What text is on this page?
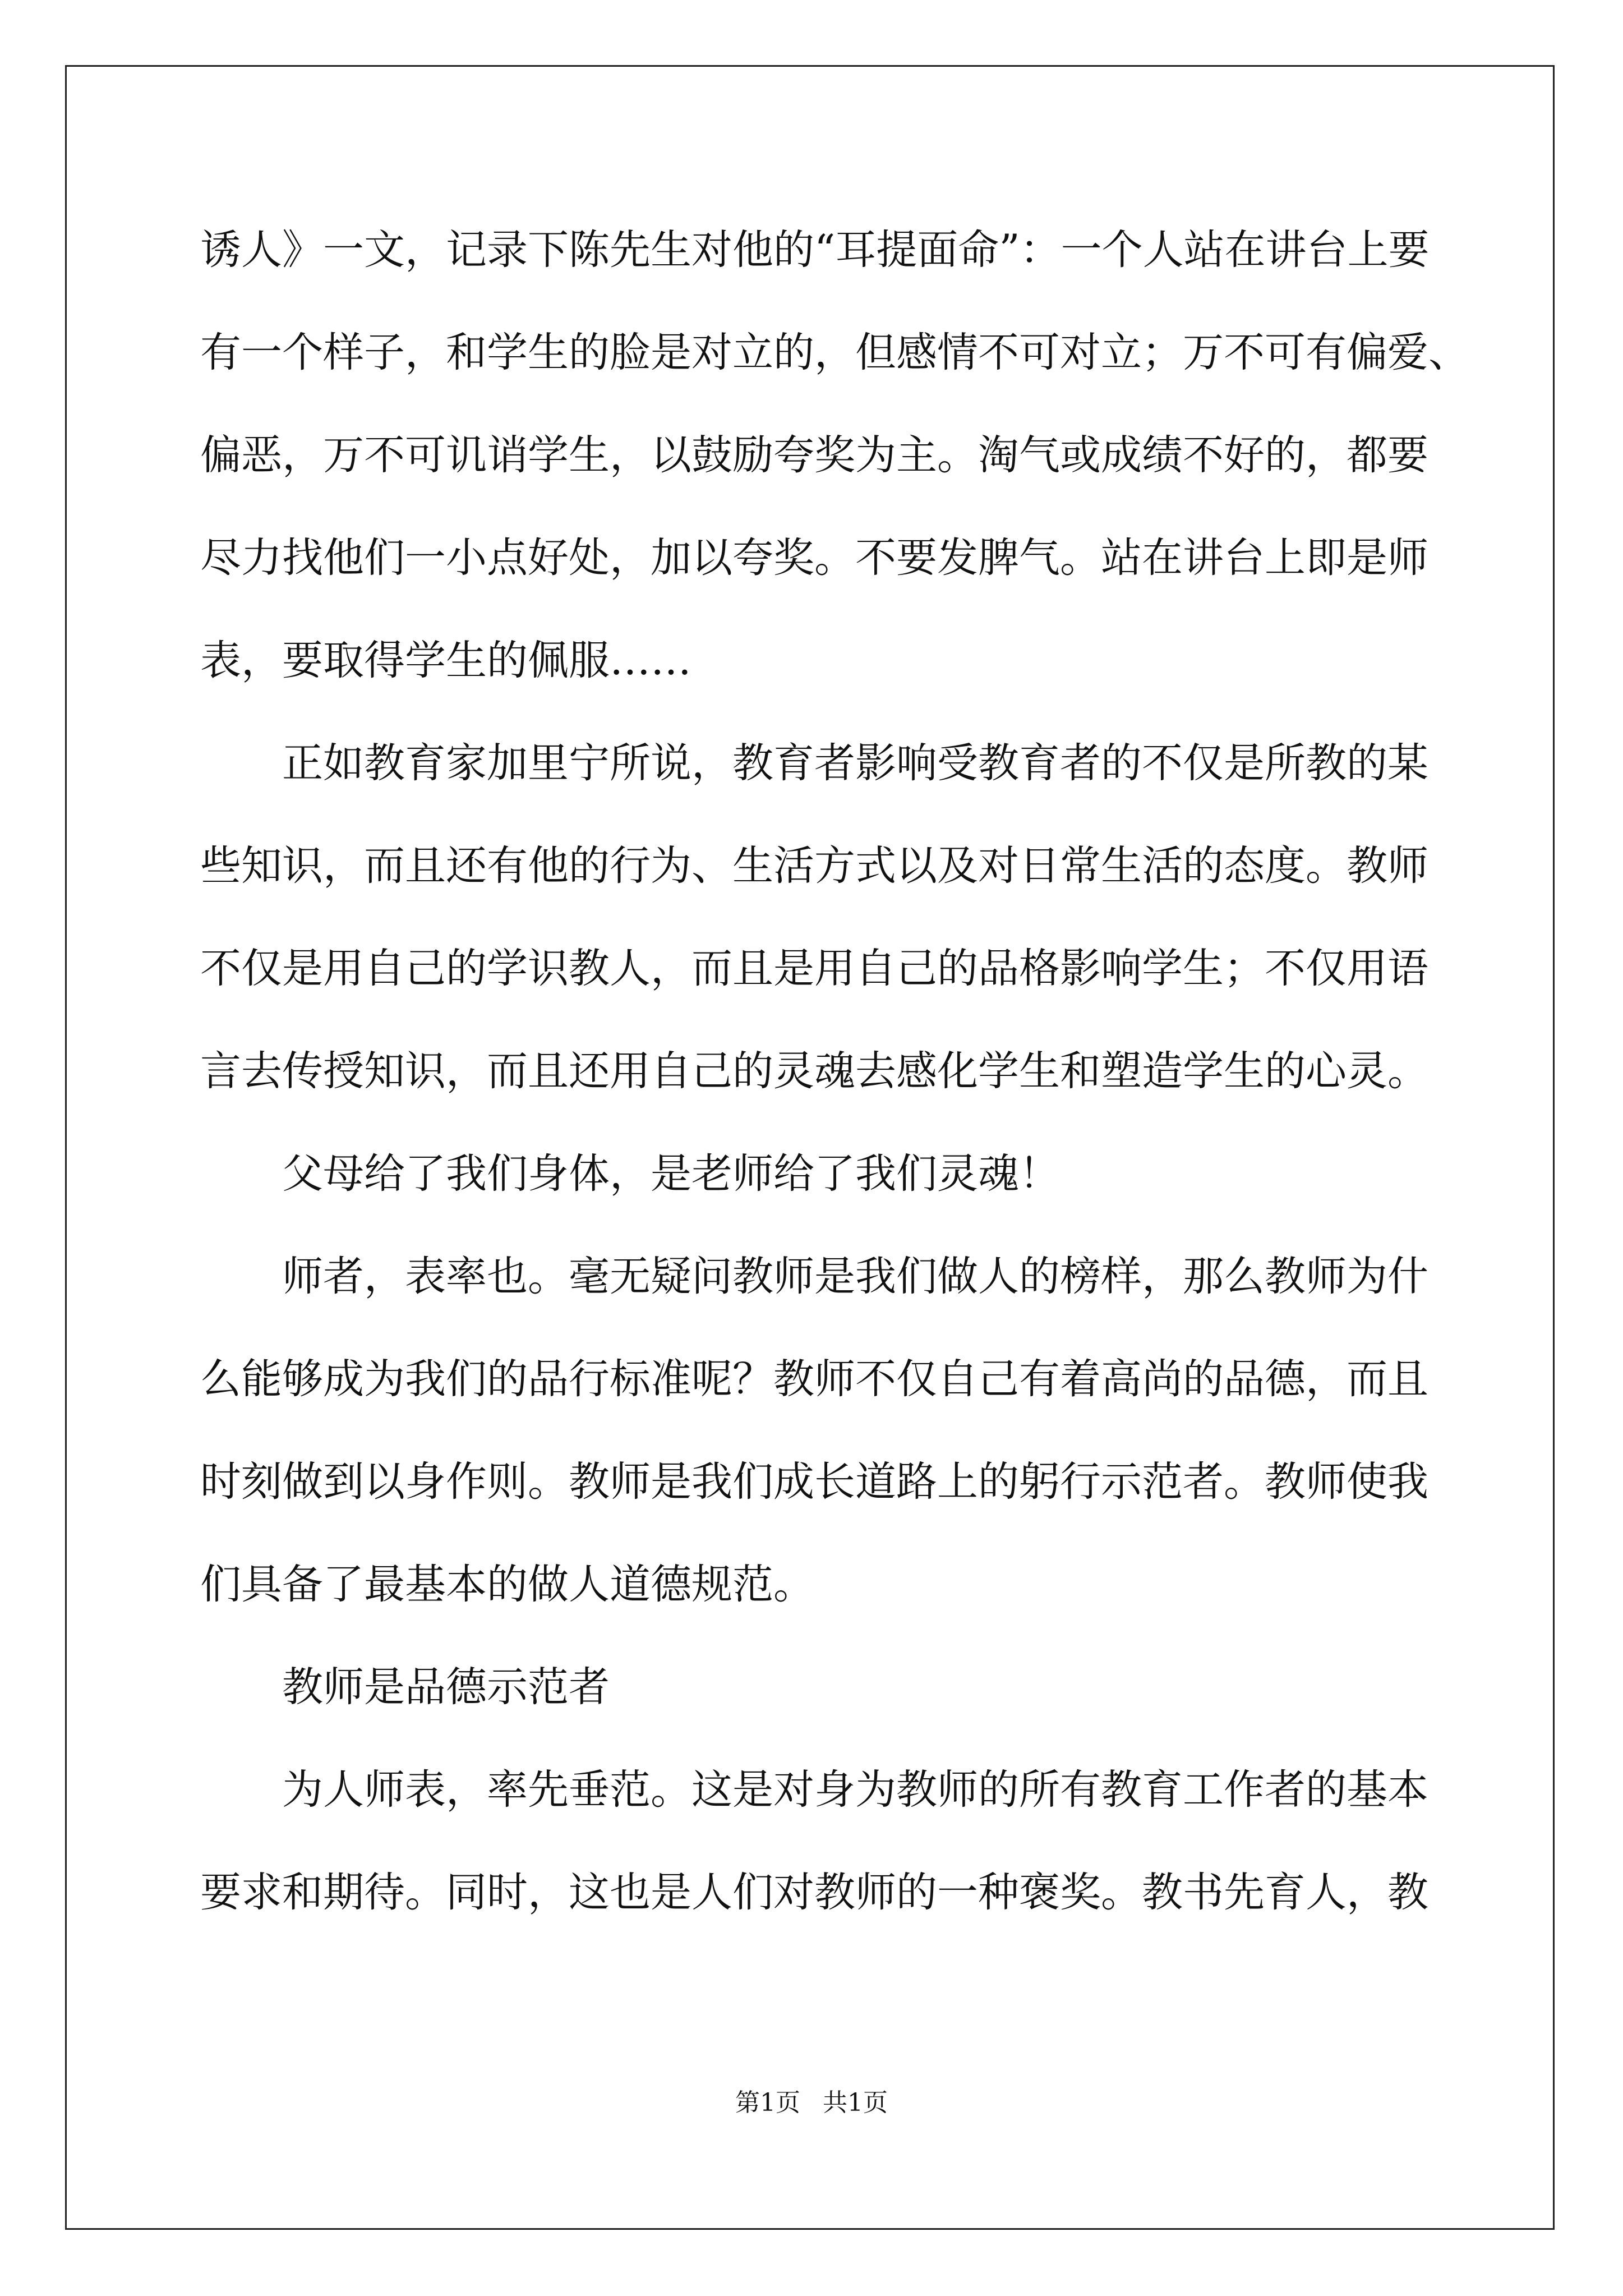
诱人》一文，记录下陈先生对他的“耳提面命”：一个人站在讲台上要
有一个样子，和学生的脸是对立的，但感情不可对立；万不可有偏爱、
偏恶，万不可讥诮学生，以鼓励夸奖为主。淘气或成绩不好的，都要
尽力找他们一小点好处，加以夸奖。不要发脾气。站在讲台上即是师
表，要取得学生的佩服……
正如教育家加里宁所说，教育者影响受教育者的不仅是所教的某
些知识，而且还有他的行为、生活方式以及对日常生活的态度。教师
不仅是用自己的学识教人，而且是用自己的品格影响学生；不仅用语
言去传授知识，而且还用自己的灵魂去感化学生和塑造学生的心灵。
父母给了我们身体，是老师给了我们灵魂！
师者，表率也。毫无疑问教师是我们做人的榜样，那么教师为什
么能够成为我们的品行标准呢？教师不仅自己有着高尚的品德，而且
时刻做到以身作则。教师是我们成长道路上的躬行示范者。教师使我
们具备了最基本的做人道德规范。
教师是品德示范者
为人师表，率先垂范。这是对身为教师的所有教育工作者的基本
要求和期待。同时，这也是人们对教师的一种褒奖。教书先育人，教
第1页 共1页
